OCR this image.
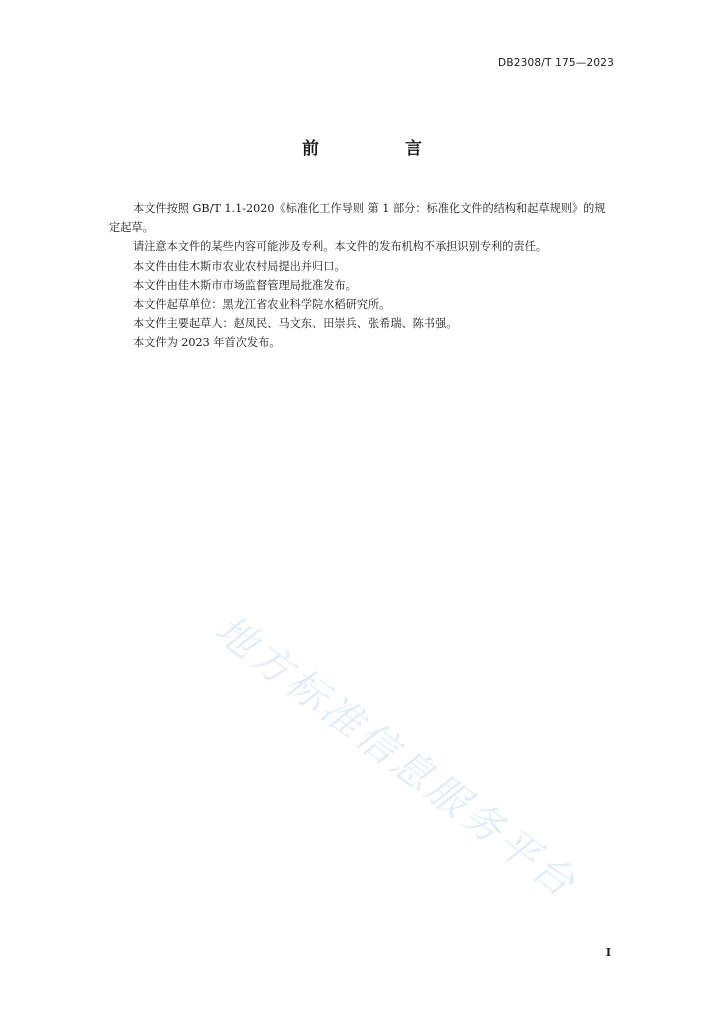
DB2308/T 175—2023
前 言

本文件按照 GB/T 1.1-2020《标准化工作导则 第 1 部分：标准化文件的结构和起草规则》的规定起草。

请注意本文件的某些内容可能涉及专利。本文件的发布机构不承担识别专利的责任。

本文件由佳木斯市农业农村局提出并归口。

本文件由佳木斯市市场监督管理局批准发布。

本文件起草单位：黑龙江省农业科学院水稻研究所。

本文件主要起草人：赵凤民、马文东、田崇兵、张希瑞、陈书强。

本文件为 2023 年首次发布。

地方标准信息服务平台
I
